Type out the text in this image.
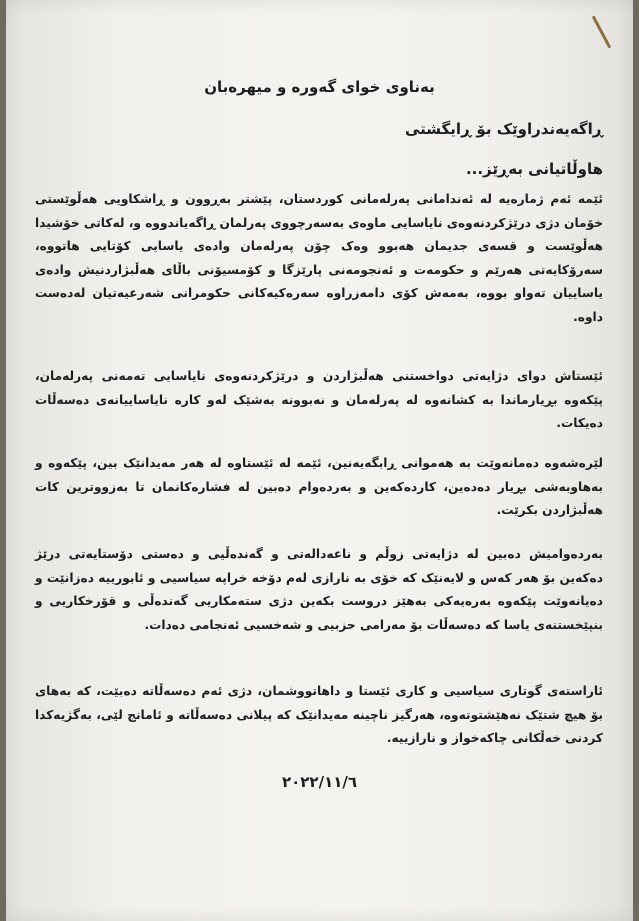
بەناوی خوای گەورە و میهرەبان
ڕاگەیەندراوێک بۆ ڕایگشتی
هاوڵاتیانی بەڕێز...
ئێمە ئەم ژمارەیە لە ئەندامانی پەرلەمانی کوردستان، پێشتر بەڕوون و ڕاشکاویی هەڵوێستی خۆمان دژی درێژکردنەوەی نایاسایی ماوەی بەسەرچووی پەرلمان ڕاگەیاندووە و، لەکاتی خۆشیدا هەڵوێست و قسەی جدیمان هەبوو وەک چۆن پەرلەمان وادەی یاسایی کۆتایی هاتووە، سەرۆکایەتی هەرێم و حکومەت و ئەنجومەنی پارێزگا و کۆمسیۆنی باڵای هەڵبژاردنیش وادەی یاساییان تەواو بووە، بەمەش کۆی دامەزراوە سەرەکیەکانی حکومرانی شەرعیەتیان لەدەست داوە.
ئێستاش دوای دژایەتی دواخستنی هەڵبژاردن و درێژکردنەوەی نایاسایی تەمەنی پەرلەمان، پێکەوە بڕیارماندا بە کشانەوە لە پەرلەمان و نەبوونە بەشێک لەو کارە نایاساییانەی دەسەڵات دەیکات.
لێرەشەوە دەمانەوێت بە هەموانی ڕابگەیەنین، ئێمە لە ئێستاوە لە هەر مەیدانێک بین، پێکەوە و بەهاوبەشی بڕیار دەدەین، کاردەکەین و بەردەوام دەبین لە فشارەکانمان تا بەزووترین کات هەڵبژاردن بکرێت.
بەردەوامیش دەبین لە دژایەتی زوڵم و ناعەدالەتی و گەندەڵیی و دەستی دۆستایەتی درێژ دەکەین بۆ هەر کەس و لایەنێک کە خۆی بە نارازی لەم دۆخە خراپە سیاسیی و ئابورییە دەزانێت و دەیانەوێت پێکەوە بەرەیەکی بەهێز دروست بکەین دژی ستەمکاریی گەندەڵی و قۆرخکاریی و بنپێخستنەی یاسا کە دەسەڵات بۆ مەرامی حزبیی و شەخسیی ئەنجامی دەدات.
ئاراستەی گوتاری سیاسیی و کاری ئێستا و داهاتووشمان، دژی ئەم دەسەڵاتە دەبێت، کە بەهای بۆ هیچ شتێک نەهێشتوتەوە، هەرگیز ناچینە مەیدانێک کە پیلانی دەسەڵاتە و ئامانج لێی، بەگژیەکدا کردنی خەڵکانی چاکەخواز و نارازییە.
٢٠٢٢/١١/٦
